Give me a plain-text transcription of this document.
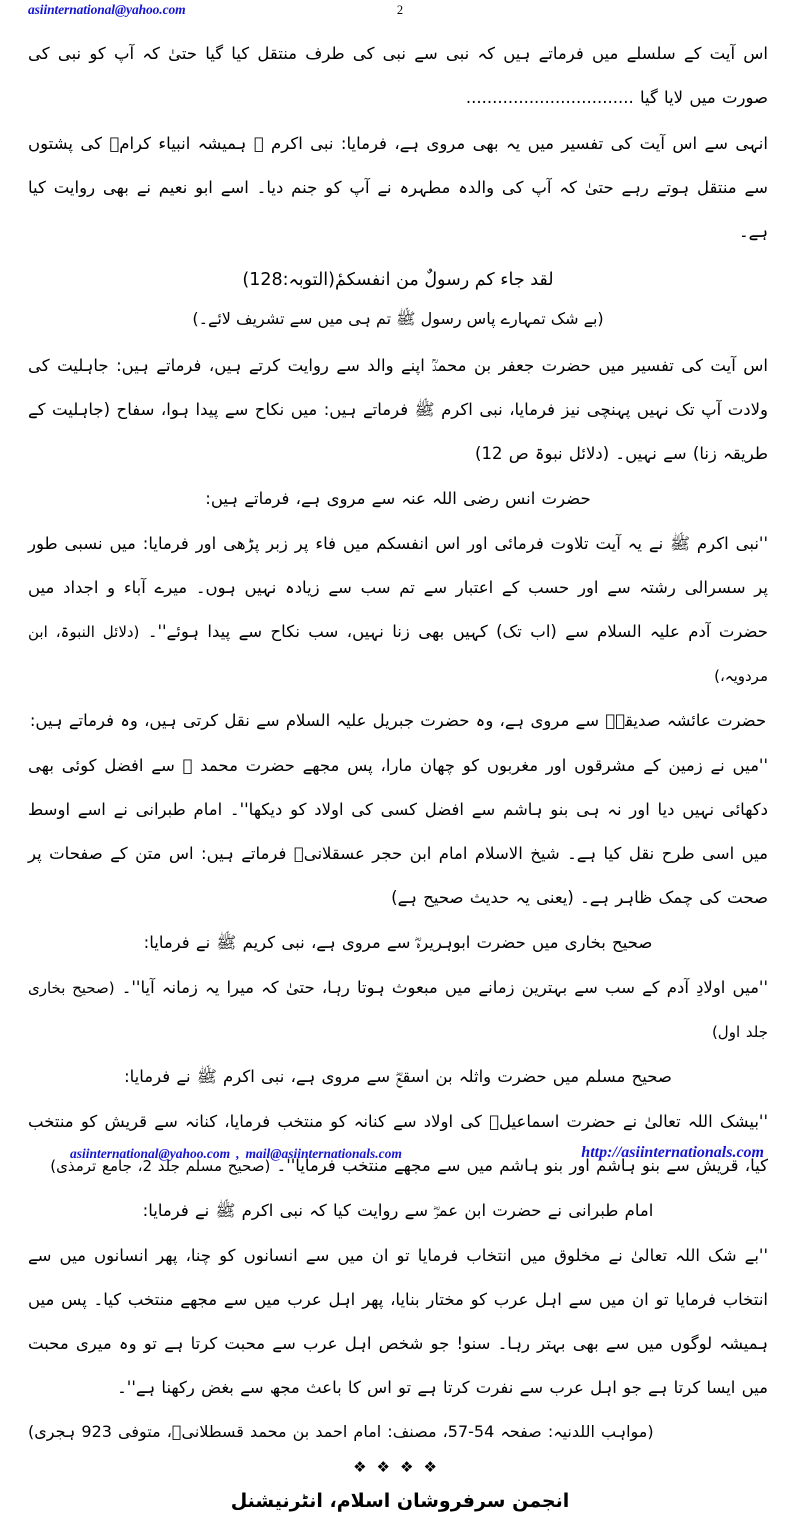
asiinternational@yahoo.com	2
اس آیت کے سلسلے میں فرماتے ہیں کہ نبی سے نبی کی طرف منتقل کیا گیا حتیٰ کہ آپ کو نبی کی صورت میں لایا گیا ................................
انہی سے اس آیت کی تفسیر میں یہ بھی مروی ہے، فرمایا: نبی اکرم ﷺ ہمیشہ انبیاء کرامؑ کی پشتوں سے منتقل ہوتے رہے حتیٰ کہ آپ کی والدہ مطہرہ نے آپ کو جنم دیا۔ اسے ابو نعیم نے بھی روایت کیا ہے۔
لقد جاء کم رسولٌ من انفسکمٔ(التوبہ:128)
(بے شک تمہارے پاس رسول ﷺ تم ہی میں سے تشریف لائے۔)
اس آیت کی تفسیر میں حضرت جعفر بن محمدؒ اپنے والد سے روایت کرتے ہیں، فرماتے ہیں: جاہلیت کی ولادت آپ تک نہیں پہنچی نیز فرمایا، نبی اکرم ﷺ فرماتے ہیں: میں نکاح سے پیدا ہوا، سفاح (جاہلیت کے طریقہ زنا) سے نہیں۔ (دلائل نبوۃ ص 12)
حضرت انس رضی اللہ عنہ سے مروی ہے، فرماتے ہیں:
''نبی اکرم ﷺ نے یہ آیت تلاوت فرمائی اور اس انفسکم میں فاء پر زبر پڑھی اور فرمایا: میں نسبی طور پر سسرالی رشتہ سے اور حسب کے اعتبار سے تم سب سے زیادہ نہیں ہوں۔ میرے آباء و اجداد میں حضرت آدم علیہ السلام سے (اب تک) کہیں بھی زنا نہیں، سب نکاح سے پیدا ہوئے''۔ (دلائل النبوۃ، ابن مردویہ،)
حضرت عائشہ صدیقہؓ سے مروی ہے، وہ حضرت جبریل علیہ السلام سے نقل کرتی ہیں، وہ فرماتے ہیں:
''میں نے زمین کے مشرقوں اور مغربوں کو چھان مارا، پس مجھے حضرت محمد ﷺ سے افضل کوئی بھی دکھائی نہیں دیا اور نہ ہی بنو ہاشم سے افضل کسی کی اولاد کو دیکھا''۔ امام طبرانی نے اسے اوسط میں اسی طرح نقل کیا ہے۔ شیخ الاسلام امام ابن حجر عسقلانیؒ فرماتے ہیں: اس متن کے صفحات پر صحت کی چمک ظاہر ہے۔ (یعنی یہ حدیث صحیح ہے)
صحیح بخاری میں حضرت ابوہریرہؓ سے مروی ہے، نبی کریم ﷺ نے فرمایا:
''میں اولادِ آدم کے سب سے بہترین زمانے میں مبعوث ہوتا رہا، حتیٰ کہ میرا یہ زمانہ آیا''۔ (صحیح بخاری جلد اول)
صحیح مسلم میں حضرت واثلہ بن اسقعؓ سے مروی ہے، نبی اکرم ﷺ نے فرمایا:
''بیشک اللہ تعالیٰ نے حضرت اسماعیلؑ کی اولاد سے کنانہ کو منتخب فرمایا، کنانہ سے قریش کو منتخب کیا، قریش سے بنو ہاشم اور بنو ہاشم میں سے مجھے منتخب فرمایا''۔ (صحیح مسلم جلد 2، جامع ترمذی)
امام طبرانی نے حضرت ابن عمرؓ سے روایت کیا کہ نبی اکرم ﷺ نے فرمایا:
''بے شک اللہ تعالیٰ نے مخلوق میں انتخاب فرمایا تو ان میں سے انسانوں کو چنا، پھر انسانوں میں سے انتخاب فرمایا تو ان میں سے اہل عرب کو مختار بنایا، پھر اہل عرب میں سے مجھے منتخب کیا۔ پس میں ہمیشہ لوگوں میں سے بھی بہتر رہا۔ سنو! جو شخص اہل عرب سے محبت کرتا ہے تو وہ میری محبت میں ایسا کرتا ہے جو اہل عرب سے نفرت کرتا ہے تو اس کا باعث مجھ سے بغض رکھنا ہے''۔
(مواہب اللدنیہ: صفحہ 54-57، مصنف: امام احمد بن محمد قسطلانیؒ، متوفی 923 ہجری)
❖❖❖❖
انجمن سرفروشان اسلام، انٹرنیشنل
asiinternational@yahoo.com , mail@asiinternationals.com	http://asiinternationals.com
